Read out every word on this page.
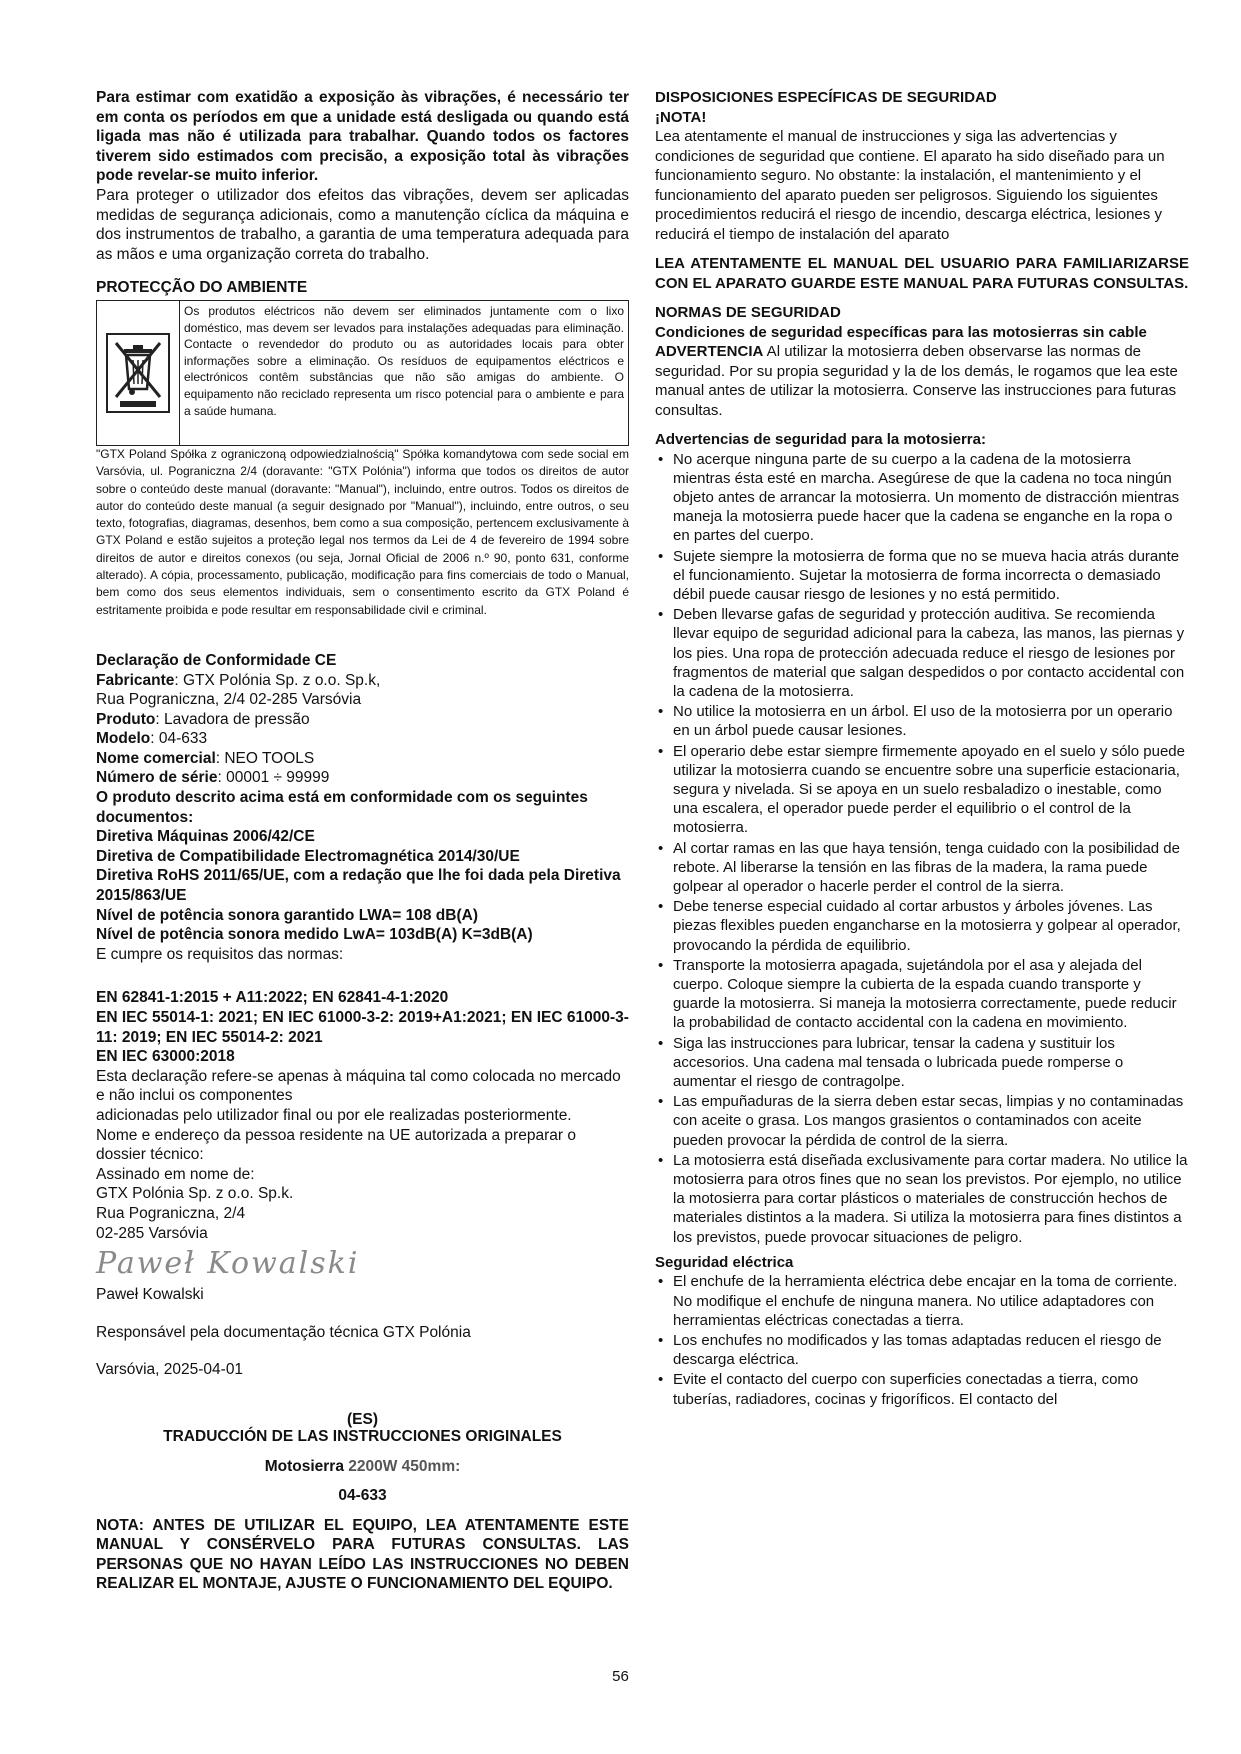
Para estimar com exatidão a exposição às vibrações, é necessário ter em conta os períodos em que a unidade está desligada ou quando está ligada mas não é utilizada para trabalhar. Quando todos os factores tiverem sido estimados com precisão, a exposição total às vibrações pode revelar-se muito inferior.

Para proteger o utilizador dos efeitos das vibrações, devem ser aplicadas medidas de segurança adicionais, como a manutenção cíclica da máquina e dos instrumentos de trabalho, a garantia de uma temperatura adequada para as mãos e uma organização correta do trabalho.

PROTECÇÃO DO AMBIENTE

Os produtos eléctricos não devem ser eliminados juntamente com o lixo doméstico, mas devem ser levados para instalações adequadas para eliminação. Contacte o revendedor do produto ou as autoridades locais para obter informações sobre a eliminação. Os resíduos de equipamentos eléctricos e electrónicos contêm substâncias que não são amigas do ambiente. O equipamento não reciclado representa um risco potencial para o ambiente e para a saúde humana.

"GTX Poland Spółka z ograniczoną odpowiedzialnością" Spółka komandytowa com sede social em Varsóvia, ul. Pograniczna 2/4 (doravante: "GTX Polónia") informa que todos os direitos de autor sobre o conteúdo deste manual (doravante: "Manual"), incluindo, entre outros. Todos os direitos de autor do conteúdo deste manual (a seguir designado por "Manual"), incluindo, entre outros, o seu texto, fotografias, diagramas, desenhos, bem como a sua composição, pertencem exclusivamente à GTX Poland e estão sujeitos a proteção legal nos termos da Lei de 4 de fevereiro de 1994 sobre direitos de autor e direitos conexos (ou seja, Jornal Oficial de 2006 n.º 90, ponto 631, conforme alterado). A cópia, processamento, publicação, modificação para fins comerciais de todo o Manual, bem como dos seus elementos individuais, sem o consentimento escrito da GTX Poland é estritamente proibida e pode resultar em responsabilidade civil e criminal.

Declaração de Conformidade CE

Fabricante: GTX Polónia Sp. z o.o. Sp.k,

Rua Pograniczna, 2/4 02-285 Varsóvia

Produto: Lavadora de pressão

Modelo: 04-633

Nome comercial: NEO TOOLS

Número de série: 00001 ÷ 99999

O produto descrito acima está em conformidade com os seguintes documentos:

Diretiva Máquinas 2006/42/CE

Diretiva de Compatibilidade Electromagnética 2014/30/UE

Diretiva RoHS 2011/65/UE, com a redação que lhe foi dada pela Diretiva 2015/863/UE

Nível de potência sonora garantido LWA= 108 dB(A)

Nível de potência sonora medido LwA= 103dB(A) K=3dB(A)

E cumpre os requisitos das normas:

EN 62841-1:2015 + A11:2022; EN 62841-4-1:2020

EN IEC 55014-1: 2021; EN IEC 61000-3-2: 2019+A1:2021; EN IEC 61000-3-11: 2019; EN IEC 55014-2: 2021

EN IEC 63000:2018

Esta declaração refere-se apenas à máquina tal como colocada no mercado e não inclui os componentes

adicionadas pelo utilizador final ou por ele realizadas posteriormente.

Nome e endereço da pessoa residente na UE autorizada a preparar o dossier técnico:

Assinado em nome de:

GTX Polónia Sp. z o.o. Sp.k.

Rua Pograniczna, 2/4

02-285 Varsóvia

Paweł Kowalski

Paweł Kowalski

Responsável pela documentação técnica GTX Polónia

Varsóvia, 2025-04-01

(ES)

TRADUCCIÓN DE LAS INSTRUCCIONES ORIGINALES

Motosierra 2200W 450mm:

04-633

NOTA: ANTES DE UTILIZAR EL EQUIPO, LEA ATENTAMENTE ESTE MANUAL Y CONSÉRVELO PARA FUTURAS CONSULTAS. LAS PERSONAS QUE NO HAYAN LEÍDO LAS INSTRUCCIONES NO DEBEN REALIZAR EL MONTAJE, AJUSTE O FUNCIONAMIENTO DEL EQUIPO.

DISPOSICIONES ESPECÍFICAS DE SEGURIDAD

¡NOTA!

Lea atentamente el manual de instrucciones y siga las advertencias y condiciones de seguridad que contiene. El aparato ha sido diseñado para un funcionamiento seguro. No obstante: la instalación, el mantenimiento y el funcionamiento del aparato pueden ser peligrosos. Siguiendo los siguientes procedimientos reducirá el riesgo de incendio, descarga eléctrica, lesiones y reducirá el tiempo de instalación del aparato

LEA ATENTAMENTE EL MANUAL DEL USUARIO PARA FAMILIARIZARSE CON EL APARATO GUARDE ESTE MANUAL PARA FUTURAS CONSULTAS.

NORMAS DE SEGURIDAD

Condiciones de seguridad específicas para las motosierras sin cable

ADVERTENCIA Al utilizar la motosierra deben observarse las normas de seguridad. Por su propia seguridad y la de los demás, le rogamos que lea este manual antes de utilizar la motosierra. Conserve las instrucciones para futuras consultas.

Advertencias de seguridad para la motosierra:

• No acerque ninguna parte de su cuerpo a la cadena de la motosierra mientras ésta esté en marcha. Asegúrese de que la cadena no toca ningún objeto antes de arrancar la motosierra. Un momento de distracción mientras maneja la motosierra puede hacer que la cadena se enganche en la ropa o en partes del cuerpo.
• Sujete siempre la motosierra de forma que no se mueva hacia atrás durante el funcionamiento. Sujetar la motosierra de forma incorrecta o demasiado débil puede causar riesgo de lesiones y no está permitido.
• Deben llevarse gafas de seguridad y protección auditiva. Se recomienda llevar equipo de seguridad adicional para la cabeza, las manos, las piernas y los pies. Una ropa de protección adecuada reduce el riesgo de lesiones por fragmentos de material que salgan despedidos o por contacto accidental con la cadena de la motosierra.
• No utilice la motosierra en un árbol. El uso de la motosierra por un operario en un árbol puede causar lesiones.
• El operario debe estar siempre firmemente apoyado en el suelo y sólo puede utilizar la motosierra cuando se encuentre sobre una superficie estacionaria, segura y nivelada. Si se apoya en un suelo resbaladizo o inestable, como una escalera, el operador puede perder el equilibrio o el control de la motosierra.
• Al cortar ramas en las que haya tensión, tenga cuidado con la posibilidad de rebote. Al liberarse la tensión en las fibras de la madera, la rama puede golpear al operador o hacerle perder el control de la sierra.
• Debe tenerse especial cuidado al cortar arbustos y árboles jóvenes. Las piezas flexibles pueden engancharse en la motosierra y golpear al operador, provocando la pérdida de equilibrio.
• Transporte la motosierra apagada, sujetándola por el asa y alejada del cuerpo. Coloque siempre la cubierta de la espada cuando transporte y guarde la motosierra. Si maneja la motosierra correctamente, puede reducir la probabilidad de contacto accidental con la cadena en movimiento.
• Siga las instrucciones para lubricar, tensar la cadena y sustituir los accesorios. Una cadena mal tensada o lubricada puede romperse o aumentar el riesgo de contragolpe.
• Las empuñaduras de la sierra deben estar secas, limpias y no contaminadas con aceite o grasa. Los mangos grasientos o contaminados con aceite pueden provocar la pérdida de control de la sierra.
• La motosierra está diseñada exclusivamente para cortar madera. No utilice la motosierra para otros fines que no sean los previstos. Por ejemplo, no utilice la motosierra para cortar plásticos o materiales de construcción hechos de materiales distintos a la madera. Si utiliza la motosierra para fines distintos a los previstos, puede provocar situaciones de peligro.

Seguridad eléctrica

• El enchufe de la herramienta eléctrica debe encajar en la toma de corriente. No modifique el enchufe de ninguna manera. No utilice adaptadores con herramientas eléctricas conectadas a tierra.
• Los enchufes no modificados y las tomas adaptadas reducen el riesgo de descarga eléctrica.
• Evite el contacto del cuerpo con superficies conectadas a tierra, como tuberías, radiadores, cocinas y frigoríficos. El contacto del
56
